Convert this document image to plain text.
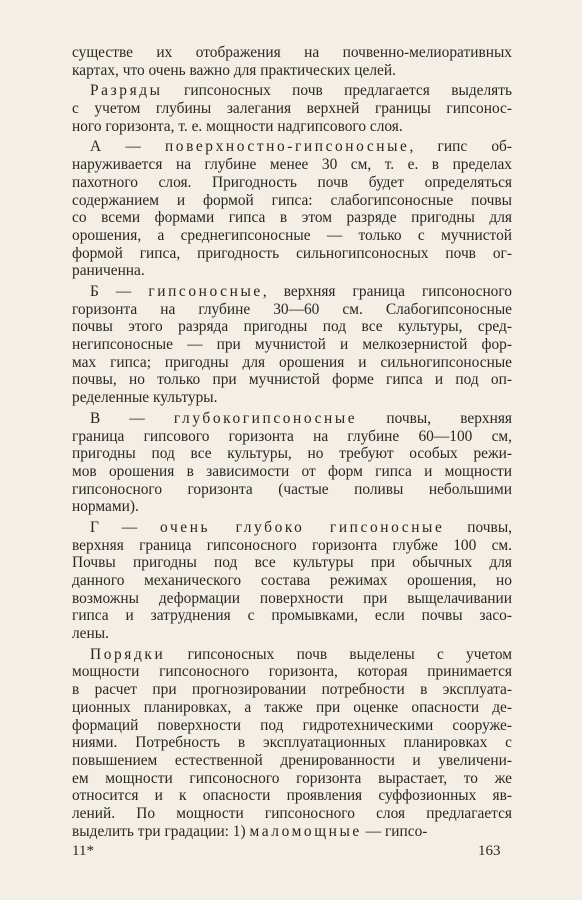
существе их отображения на почвенно-мелиоративных
картах, что очень важно для практических целей.
Разряды гипсоносных почв предлагается выделять
с учетом глубины залегания верхней границы гипсонос-
ного горизонта, т. е. мощности надгипсового слоя.
А — поверхностно-гипсоносные, гипс об-
наруживается на глубине менее 30 см, т. е. в пределах
пахотного слоя. Пригодность почв будет определяться
содержанием и формой гипса: слабогипсоносные почвы
со всеми формами гипса в этом разряде пригодны для
орошения, а среднегипсоносные — только с мучнистой
формой гипса, пригодность сильногипсоносных почв ог-
раниченна.
Б — гипсоносные, верхняя граница гипсоносного
горизонта на глубине 30—60 см. Слабогипсоносные
почвы этого разряда пригодны под все культуры, сред-
негипсоносные — при мучнистой и мелкозернистой фор-
мах гипса; пригодны для орошения и сильногипсоносные
почвы, но только при мучнистой форме гипса и под оп-
ределенные культуры.
В — глубокогипсоносные почвы, верхняя
граница гипсового горизонта на глубине 60—100 см,
пригодны под все культуры, но требуют особых режи-
мов орошения в зависимости от форм гипса и мощности
гипсоносного горизонта (частые поливы небольшими
нормами).
Г — очень глубоко гипсоносные почвы,
верхняя граница гипсоносного горизонта глубже 100 см.
Почвы пригодны под все культуры при обычных для
данного механического состава режимах орошения, но
возможны деформации поверхности при выщелачивании
гипса и затруднения с промывками, если почвы засо-
лены.
Порядки гипсоносных почв выделены с учетом
мощности гипсоносного горизонта, которая принимается
в расчет при прогнозировании потребности в эксплуата-
ционных планировках, а также при оценке опасности де-
формаций поверхности под гидротехническими сооруже-
ниями. Потребность в эксплуатационных планировках с
повышением естественной дренированности и увеличени-
ем мощности гипсоносного горизонта вырастает, то же
относится и к опасности проявления суффозионных яв-
лений. По мощности гипсоносного слоя предлагается
выделить три градации: 1) маломощные — гипсо-
11*	163
